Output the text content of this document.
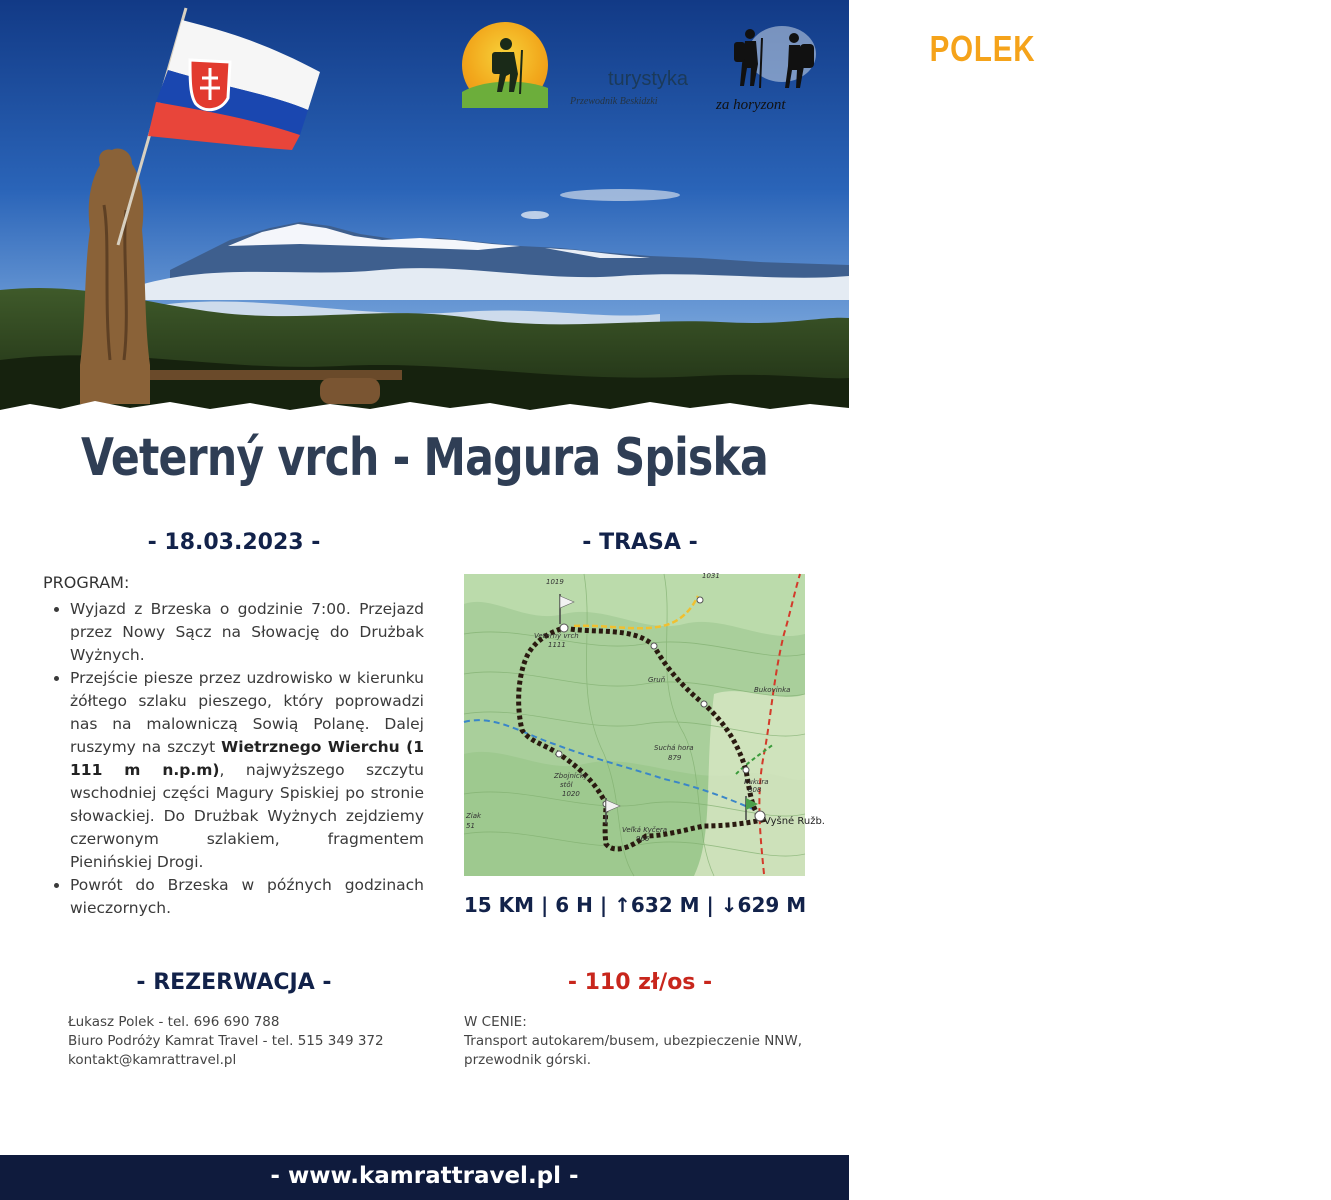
POLEK
turystyka
Przewodnik Beskidzki	za horyzont
Veterný vrch - Magura Spiska
- 18.03.2023 -	- TRASA -
PROGRAM:
• Wyjazd z Brzeska o godzinie 7:00. Przejazd przez Nowy Sącz na Słowację do Drużbak Wyżnych.
• Przejście piesze przez uzdrowisko w kierunku żółtego szlaku pieszego, który poprowadzi nas na malowniczą Sowią Polanę. Dalej ruszymy na szczyt Wietrznego Wierchu (1 111 m n.p.m), najwyższego szczytu wschodniej części Magury Spiskiej po stronie słowackiej. Do Drużbak Wyżnych zejdziemy czerwonym szlakiem, fragmentem Pienińskiej Drogi.
• Powrót do Brzeska w późnych godzinach wieczornych.
1019
Veterný vrch
1111
Gruň
Suchá hora
879
Bukovinka
Zbojnícky
stôl
1020
Veľká Kyčera
966
Kukura
808
Ziak
51
1031
Vyšné Ružb.
15 KM | 6 H | ↑632 M | ↓629 M
- REZERWACJA -	- 110 zł/os -
Łukasz Polek - tel. 696 690 788
Biuro Podróży Kamrat Travel - tel. 515 349 372
kontakt@kamrattravel.pl
W CENIE:
Transport autokarem/busem, ubezpieczenie NNW, przewodnik górski.
- www.kamrattravel.pl -
